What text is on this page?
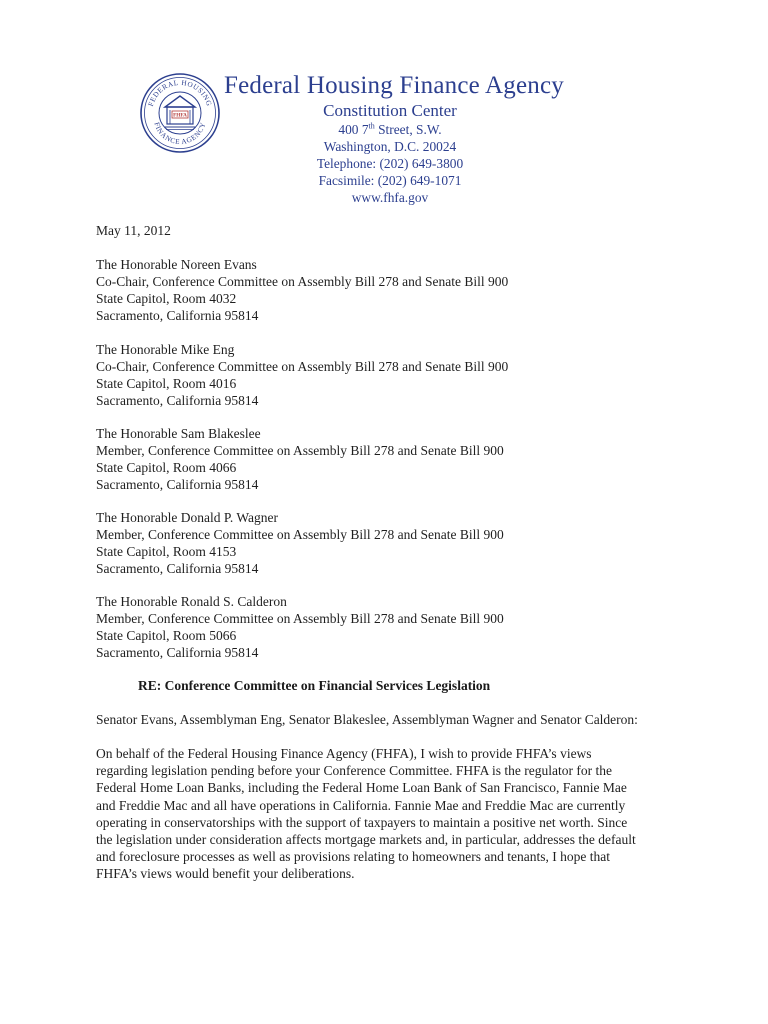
FEDERAL HOUSING
FINANCE AGENCY
FHFA
Federal Housing Finance Agency
Constitution Center
400 7th Street, S.W.
Washington, D.C. 20024
Telephone: (202) 649-3800
Facsimile: (202) 649-1071
www.fhfa.gov
May 11, 2012
The Honorable Noreen Evans
Co-Chair, Conference Committee on Assembly Bill 278 and Senate Bill 900
State Capitol, Room 4032
Sacramento, California 95814
The Honorable Mike Eng
Co-Chair, Conference Committee on Assembly Bill 278 and Senate Bill 900
State Capitol, Room 4016
Sacramento, California 95814
The Honorable Sam Blakeslee
Member, Conference Committee on Assembly Bill 278 and Senate Bill 900
State Capitol, Room 4066
Sacramento, California 95814
The Honorable Donald P. Wagner
Member, Conference Committee on Assembly Bill 278 and Senate Bill 900
State Capitol, Room 4153
Sacramento, California 95814
The Honorable Ronald S. Calderon
Member, Conference Committee on Assembly Bill 278 and Senate Bill 900
State Capitol, Room 5066
Sacramento, California 95814
RE: Conference Committee on Financial Services Legislation
Senator Evans, Assemblyman Eng, Senator Blakeslee, Assemblyman Wagner and Senator Calderon:
On behalf of the Federal Housing Finance Agency (FHFA), I wish to provide FHFA’s views
regarding legislation pending before your Conference Committee. FHFA is the regulator for the
Federal Home Loan Banks, including the Federal Home Loan Bank of San Francisco, Fannie Mae
and Freddie Mac and all have operations in California. Fannie Mae and Freddie Mac are currently
operating in conservatorships with the support of taxpayers to maintain a positive net worth. Since
the legislation under consideration affects mortgage markets and, in particular, addresses the default
and foreclosure processes as well as provisions relating to homeowners and tenants, I hope that
FHFA’s views would benefit your deliberations.
